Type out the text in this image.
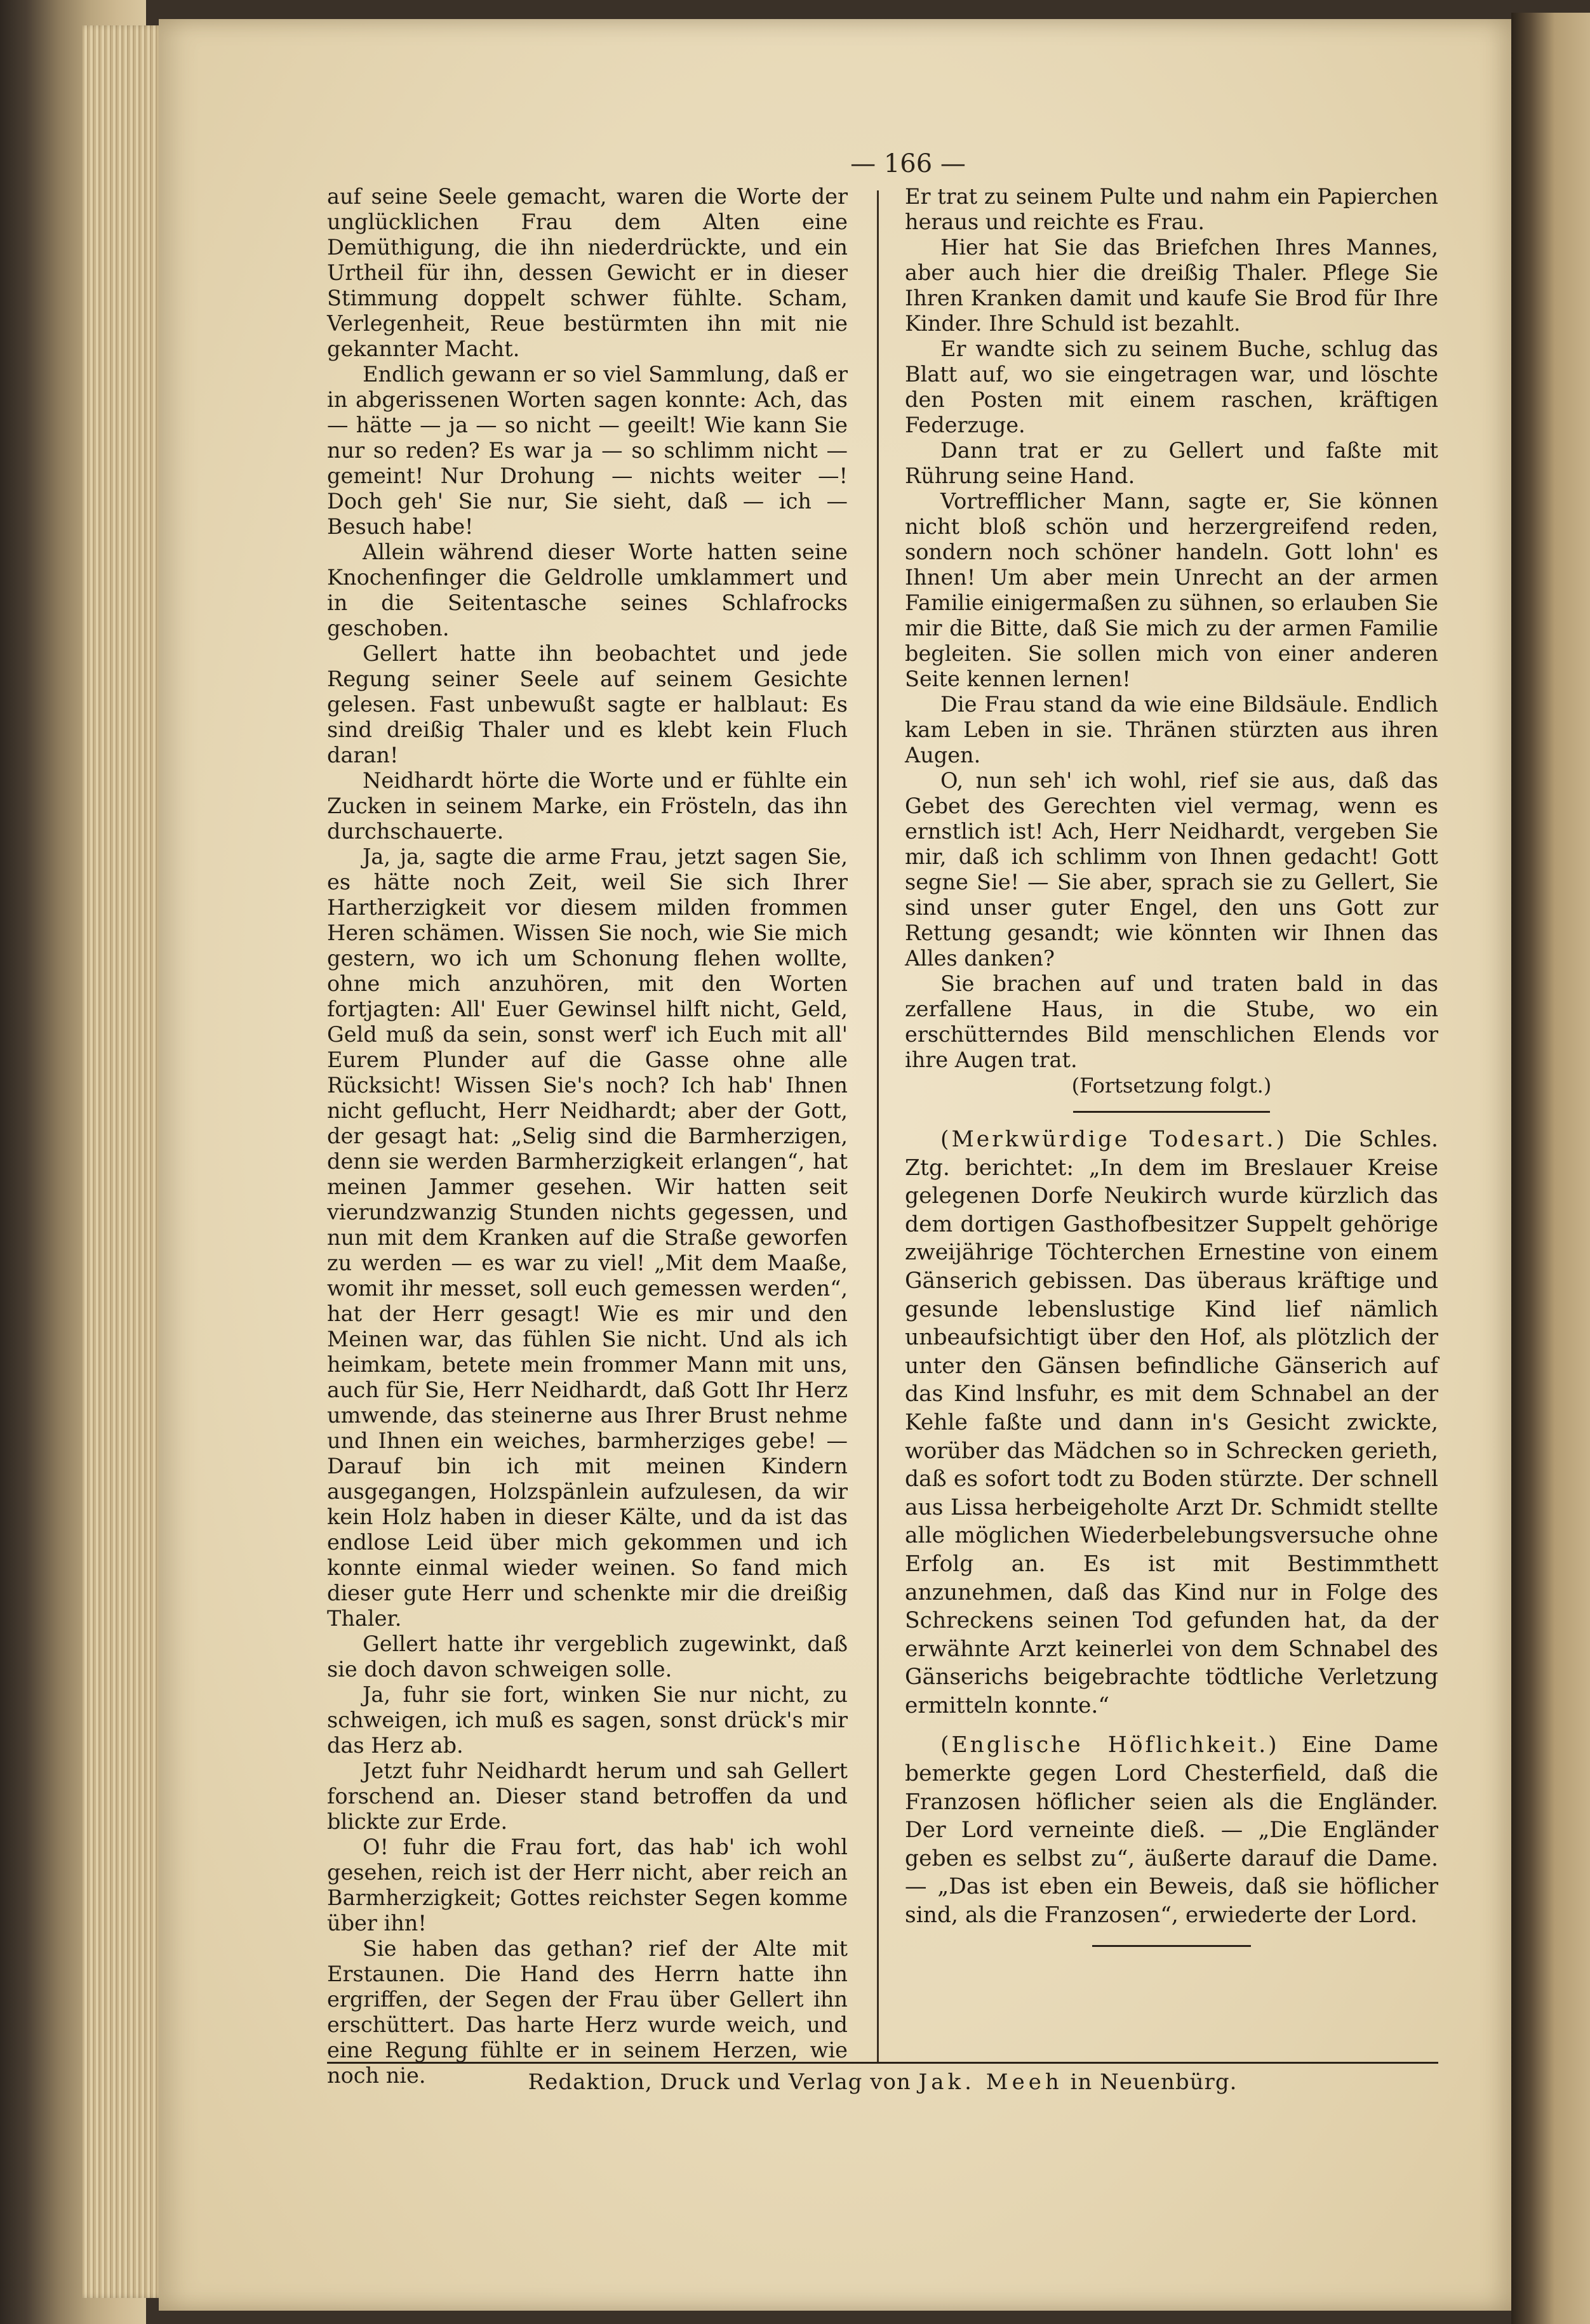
— 166 —

auf seine Seele gemacht, waren die Worte der unglücklichen Frau dem Alten eine Demüthigung, die ihn niederdrückte, und ein Urtheil für ihn, dessen Gewicht er in dieser Stimmung doppelt schwer fühlte. Scham, Verlegenheit, Reue bestürmten ihn mit nie gekannter Macht.

Endlich gewann er so viel Sammlung, daß er in abgerissenen Worten sagen konnte: Ach, das — hätte — ja — so nicht — geeilt! Wie kann Sie nur so reden? Es war ja — so schlimm nicht — gemeint! Nur Drohung — nichts weiter —! Doch geh' Sie nur, Sie sieht, daß — ich — Besuch habe!

Allein während dieser Worte hatten seine Knochenfinger die Geldrolle umklammert und in die Seitentasche seines Schlafrocks geschoben.

Gellert hatte ihn beobachtet und jede Regung seiner Seele auf seinem Gesichte gelesen. Fast unbewußt sagte er halblaut: Es sind dreißig Thaler und es klebt kein Fluch daran!

Neidhardt hörte die Worte und er fühlte ein Zucken in seinem Marke, ein Frösteln, das ihn durchschauerte.

Ja, ja, sagte die arme Frau, jetzt sagen Sie, es hätte noch Zeit, weil Sie sich Ihrer Hartherzigkeit vor diesem milden frommen Heren schämen. Wissen Sie noch, wie Sie mich gestern, wo ich um Schonung flehen wollte, ohne mich anzuhören, mit den Worten fortjagten: All' Euer Gewinsel hilft nicht, Geld, Geld muß da sein, sonst werf' ich Euch mit all' Eurem Plunder auf die Gasse ohne alle Rücksicht! Wissen Sie's noch? Ich hab' Ihnen nicht geflucht, Herr Neidhardt; aber der Gott, der gesagt hat: „Selig sind die Barmherzigen, denn sie werden Barmherzigkeit erlangen“, hat meinen Jammer gesehen. Wir hatten seit vierundzwanzig Stunden nichts gegessen, und nun mit dem Kranken auf die Straße geworfen zu werden — es war zu viel! „Mit dem Maaße, womit ihr messet, soll euch gemessen werden“, hat der Herr gesagt! Wie es mir und den Meinen war, das fühlen Sie nicht. Und als ich heimkam, betete mein frommer Mann mit uns, auch für Sie, Herr Neidhardt, daß Gott Ihr Herz umwende, das steinerne aus Ihrer Brust nehme und Ihnen ein weiches, barmherziges gebe! — Darauf bin ich mit meinen Kindern ausgegangen, Holzspänlein aufzulesen, da wir kein Holz haben in dieser Kälte, und da ist das endlose Leid über mich gekommen und ich konnte einmal wieder weinen. So fand mich dieser gute Herr und schenkte mir die dreißig Thaler.

Gellert hatte ihr vergeblich zugewinkt, daß sie doch davon schweigen solle.

Ja, fuhr sie fort, winken Sie nur nicht, zu schweigen, ich muß es sagen, sonst drück's mir das Herz ab.

Jetzt fuhr Neidhardt herum und sah Gellert forschend an. Dieser stand betroffen da und blickte zur Erde.

O! fuhr die Frau fort, das hab' ich wohl gesehen, reich ist der Herr nicht, aber reich an Barmherzigkeit; Gottes reichster Segen komme über ihn!

Sie haben das gethan? rief der Alte mit Erstaunen. Die Hand des Herrn hatte ihn ergriffen, der Segen der Frau über Gellert ihn erschüttert. Das harte Herz wurde weich, und eine Regung fühlte er in seinem Herzen, wie noch nie.

Er trat zu seinem Pulte und nahm ein Papierchen heraus und reichte es Frau.

Hier hat Sie das Briefchen Ihres Mannes, aber auch hier die dreißig Thaler. Pflege Sie Ihren Kranken damit und kaufe Sie Brod für Ihre Kinder. Ihre Schuld ist bezahlt.

Er wandte sich zu seinem Buche, schlug das Blatt auf, wo sie eingetragen war, und löschte den Posten mit einem raschen, kräftigen Federzuge.

Dann trat er zu Gellert und faßte mit Rührung seine Hand.

Vortrefflicher Mann, sagte er, Sie können nicht bloß schön und herzergreifend reden, sondern noch schöner handeln. Gott lohn' es Ihnen! Um aber mein Unrecht an der armen Familie einigermaßen zu sühnen, so erlauben Sie mir die Bitte, daß Sie mich zu der armen Familie begleiten. Sie sollen mich von einer anderen Seite kennen lernen!

Die Frau stand da wie eine Bildsäule. Endlich kam Leben in sie. Thränen stürzten aus ihren Augen.

O, nun seh' ich wohl, rief sie aus, daß das Gebet des Gerechten viel vermag, wenn es ernstlich ist! Ach, Herr Neidhardt, vergeben Sie mir, daß ich schlimm von Ihnen gedacht! Gott segne Sie! — Sie aber, sprach sie zu Gellert, Sie sind unser guter Engel, den uns Gott zur Rettung gesandt; wie könnten wir Ihnen das Alles danken?

Sie brachen auf und traten bald in das zerfallene Haus, in die Stube, wo ein erschütterndes Bild menschlichen Elends vor ihre Augen trat.

(Fortsetzung folgt.)

(Merkwürdige Todesart.) Die Schles. Ztg. berichtet: „In dem im Breslauer Kreise gelegenen Dorfe Neukirch wurde kürzlich das dem dortigen Gasthofbesitzer Suppelt gehörige zweijährige Töchterchen Ernestine von einem Gänserich gebissen. Das überaus kräftige und gesunde lebenslustige Kind lief nämlich unbeaufsichtigt über den Hof, als plötzlich der unter den Gänsen befindliche Gänserich auf das Kind lnsfuhr, es mit dem Schnabel an der Kehle faßte und dann in's Gesicht zwickte, worüber das Mädchen so in Schrecken gerieth, daß es sofort todt zu Boden stürzte. Der schnell aus Lissa herbeigeholte Arzt Dr. Schmidt stellte alle möglichen Wiederbelebungsversuche ohne Erfolg an. Es ist mit Bestimmthett anzunehmen, daß das Kind nur in Folge des Schreckens seinen Tod gefunden hat, da der erwähnte Arzt keinerlei von dem Schnabel des Gänserichs beigebrachte tödtliche Verletzung ermitteln konnte.“

(Englische Höflichkeit.) Eine Dame bemerkte gegen Lord Chesterfield, daß die Franzosen höflicher seien als die Engländer. Der Lord verneinte dieß. — „Die Engländer geben es selbst zu“, äußerte darauf die Dame. — „Das ist eben ein Beweis, daß sie höflicher sind, als die Franzosen“, erwiederte der Lord.

Redaktion, Druck und Verlag von Jak. Meeh in Neuenbürg.
